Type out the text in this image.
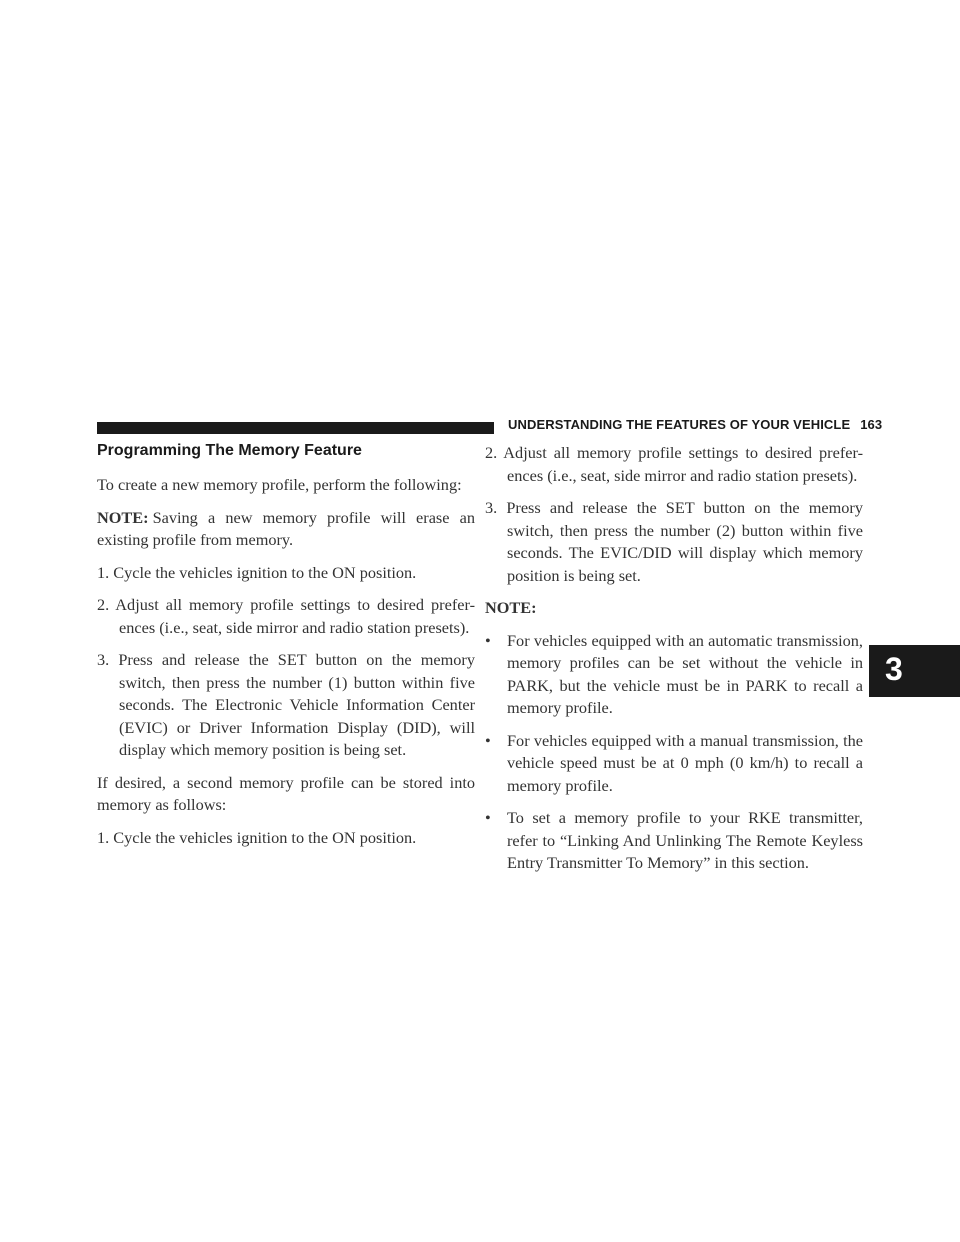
UNDERSTANDING THE FEATURES OF YOUR VEHICLE 163
3
Programming The Memory Feature

To create a new memory profile, perform the following:

NOTE: Saving a new memory profile will erase an existing profile from memory.

1. Cycle the vehicles ignition to the ON position.
2. Adjust all memory profile settings to desired prefer-ences (i.e., seat, side mirror and radio station presets).
3. Press and release the SET button on the memory switch, then press the number (1) button within five seconds. The Electronic Vehicle Information Center (EVIC) or Driver Information Display (DID), will display which memory position is being set.

If desired, a second memory profile can be stored into memory as follows:

1. Cycle the vehicles ignition to the ON position.
2. Adjust all memory profile settings to desired prefer-ences (i.e., seat, side mirror and radio station presets).
3. Press and release the SET button on the memory switch, then press the number (2) button within five seconds. The EVIC/DID will display which memory position is being set.
NOTE:
• For vehicles equipped with an automatic transmission, memory profiles can be set without the vehicle in PARK, but the vehicle must be in PARK to recall a memory profile.
• For vehicles equipped with a manual transmission, the vehicle speed must be at 0 mph (0 km/h) to recall a memory profile.
• To set a memory profile to your RKE transmitter, refer to “Linking And Unlinking The Remote Keyless Entry Transmitter To Memory” in this section.
